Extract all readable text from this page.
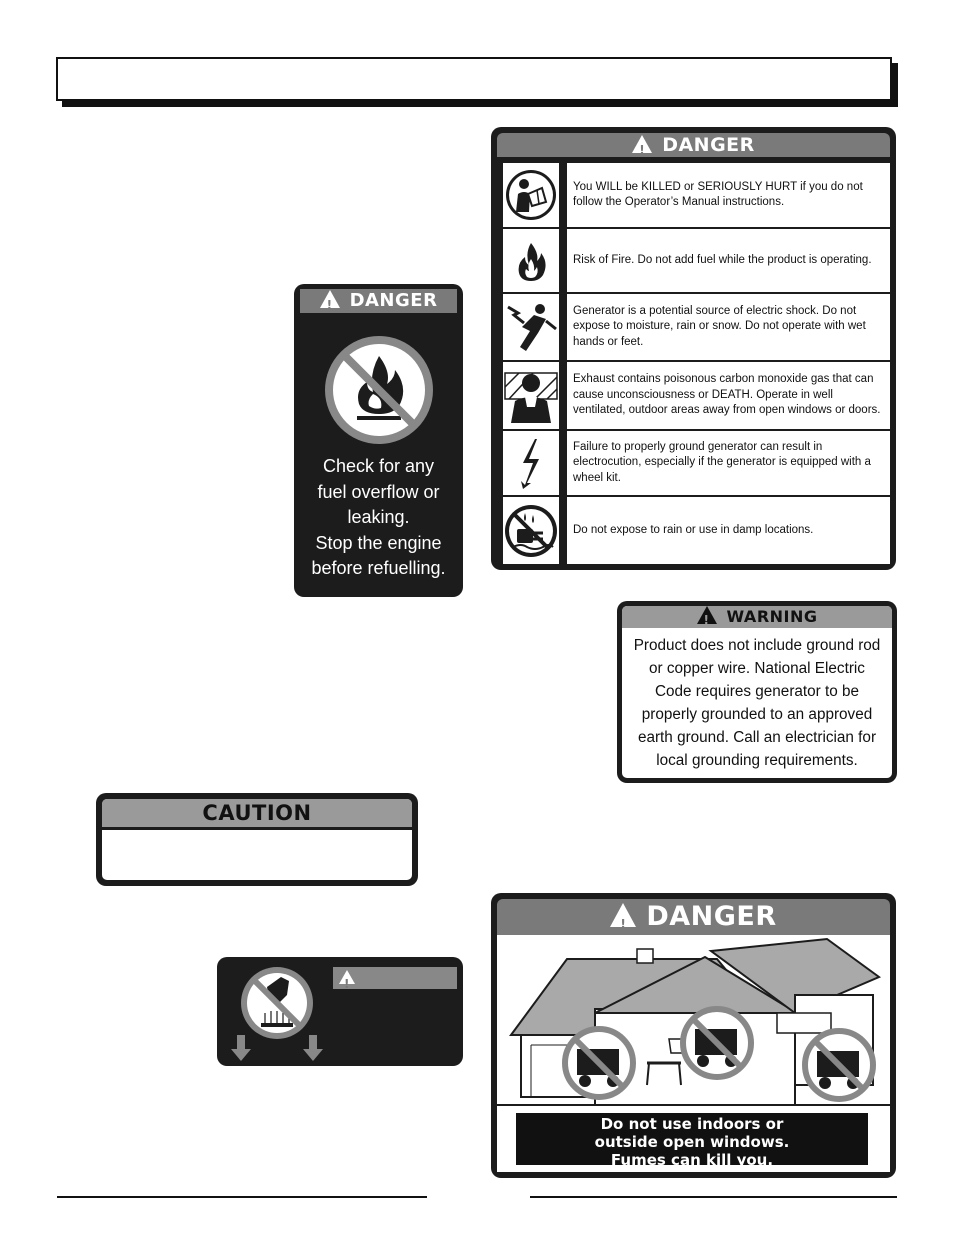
!DANGER
You WILL be KILLED or SERIOUSLY HURT if you do not follow the Operator’s Manual instructions.
Risk of Fire. Do not add fuel while the product is operating.
Generator is a potential source of electric shock. Do not expose to moisture, rain or snow. Do not operate with wet hands or feet.
Exhaust contains poisonous carbon monoxide gas that can cause unconsciousness or DEATH. Operate in well ventilated, outdoor areas away from open windows or doors.
Failure to properly ground generator can result in electrocution, especially if the generator is equipped with a wheel kit.
Do not expose to rain or use in damp locations.
!DANGER
Check for any
fuel overflow or
leaking.
Stop the engine
before refuelling.
!WARNING
Product does not include ground rod
or copper wire. National Electric
Code requires generator to be
properly grounded to an approved
earth ground. Call an electrician for
local grounding requirements.
CAUTION
!
!DANGER
Do not use indoors or
outside open windows.
Fumes can kill you.
